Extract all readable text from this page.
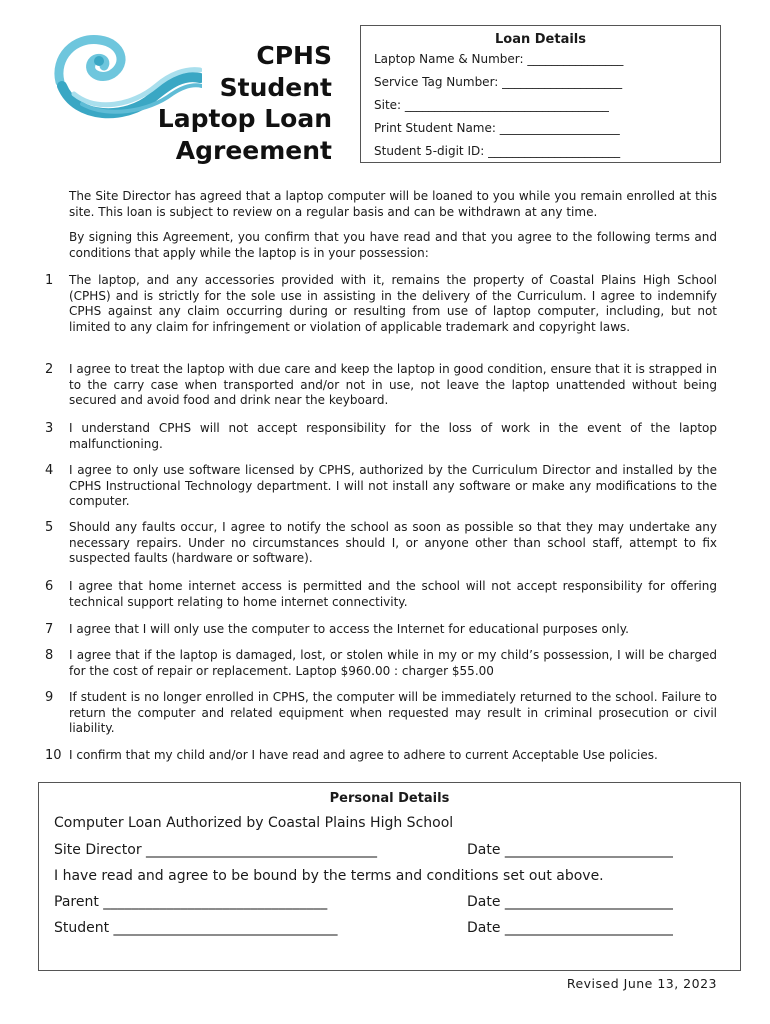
CPHS
Student
Laptop Loan
Agreement
Loan Details
Laptop Name & Number: ________________
Service Tag Number: ____________________
Site: __________________________________
Print Student Name: ____________________
Student 5-digit ID: ______________________
The Site Director has agreed that a laptop computer will be loaned to you while you remain enrolled at this site. This loan is subject to review on a regular basis and can be withdrawn at any time.
By signing this Agreement, you confirm that you have read and that you agree to the following terms and conditions that apply while the laptop is in your possession:
1 The laptop, and any accessories provided with it, remains the property of Coastal Plains High School (CPHS) and is strictly for the sole use in assisting in the delivery of the Curriculum. I agree to indemnify CPHS against any claim occurring during or resulting from use of laptop computer, including, but not limited to any claim for infringement or violation of applicable trademark and copyright laws.
2 I agree to treat the laptop with due care and keep the laptop in good condition, ensure that it is strapped in to the carry case when transported and/or not in use, not leave the laptop unattended without being secured and avoid food and drink near the keyboard.
3 I understand CPHS will not accept responsibility for the loss of work in the event of the laptop malfunctioning.
4 I agree to only use software licensed by CPHS, authorized by the Curriculum Director and installed by the CPHS Instructional Technology department. I will not install any software or make any modifications to the computer.
5 Should any faults occur, I agree to notify the school as soon as possible so that they may undertake any necessary repairs. Under no circumstances should I, or anyone other than school staff, attempt to fix suspected faults (hardware or software).
6 I agree that home internet access is permitted and the school will not accept responsibility for offering technical support relating to home internet connectivity.
7 I agree that I will only use the computer to access the Internet for educational purposes only.
8 I agree that if the laptop is damaged, lost, or stolen while in my or my child’s possession, I will be charged for the cost of repair or replacement. Laptop $960.00 : charger $55.00
9 If student is no longer enrolled in CPHS, the computer will be immediately returned to the school. Failure to return the computer and related equipment when requested may result in criminal prosecution or civil liability.
10 I confirm that my child and/or I have read and agree to adhere to current Acceptable Use policies.
Personal Details
Computer Loan Authorized by Coastal Plains High School
Site Director _________________________________	Date ________________________
I have read and agree to be bound by the terms and conditions set out above.
Parent ________________________________	Date ________________________
Student ________________________________	Date ________________________
Revised June 13, 2023
